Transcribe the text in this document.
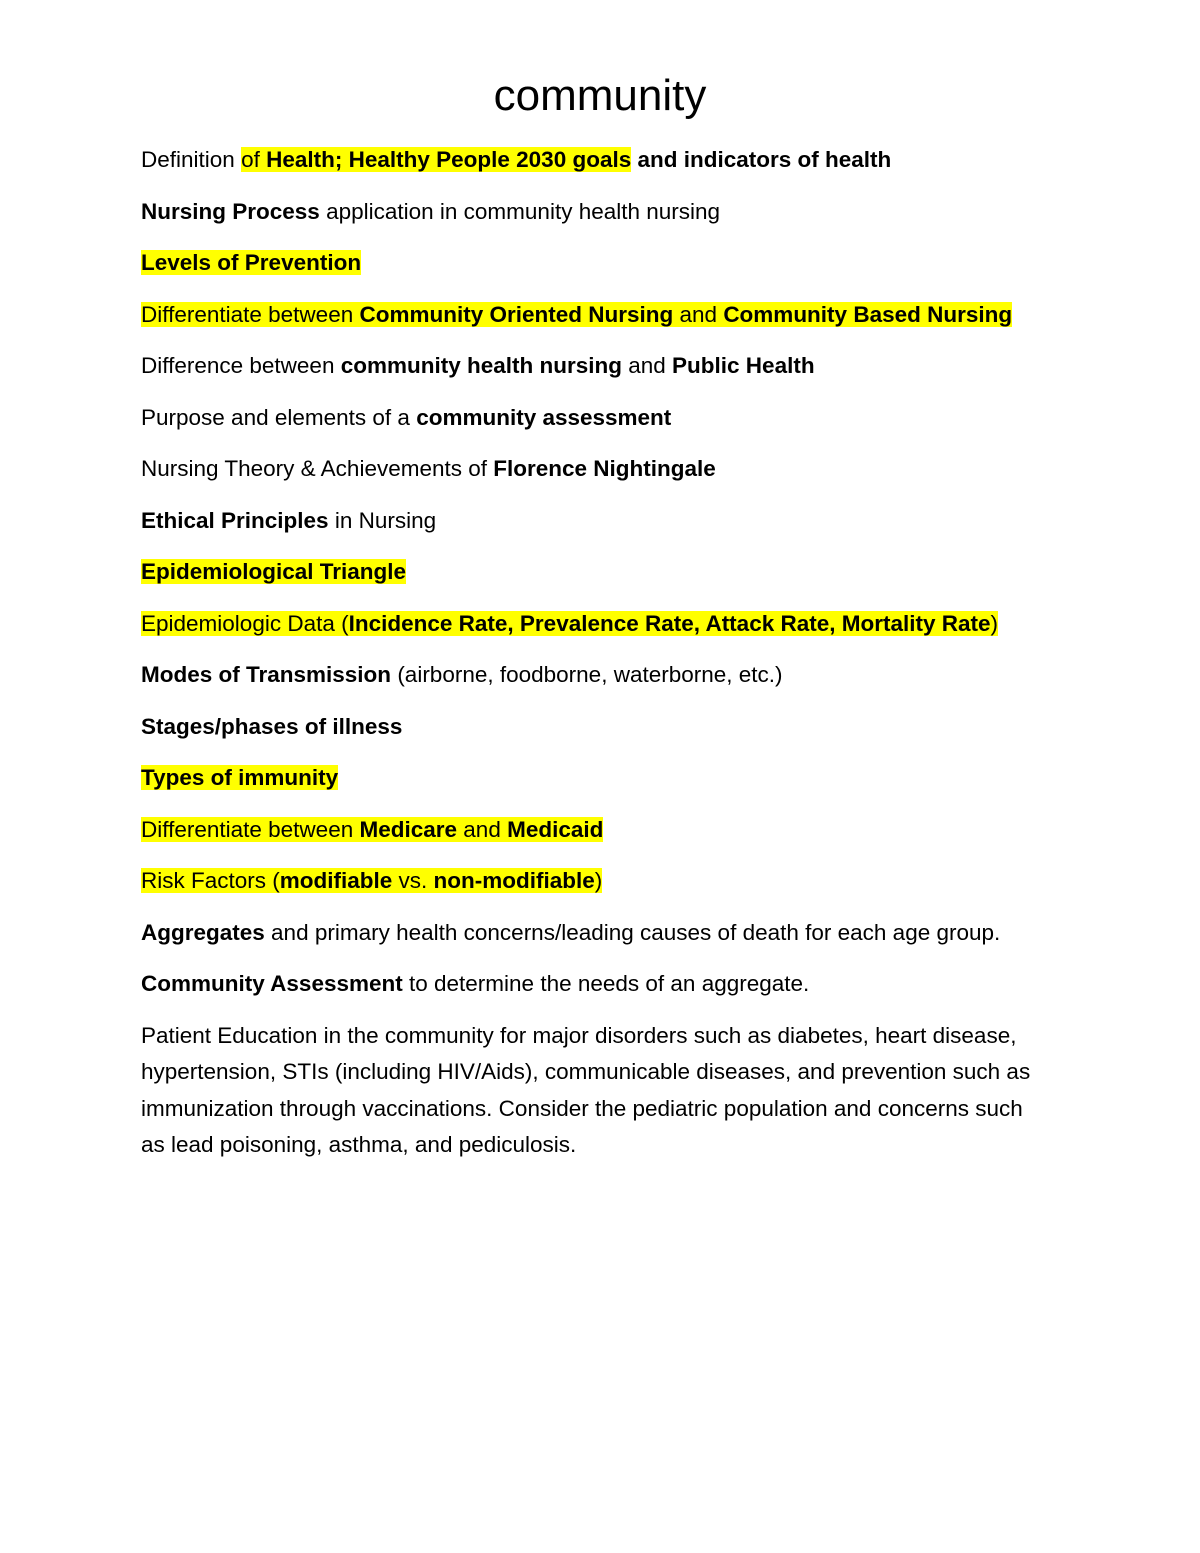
community

Definition of Health; Healthy People 2030 goals and indicators of health

Nursing Process application in community health nursing

Levels of Prevention

Differentiate between Community Oriented Nursing and Community Based Nursing

Difference between community health nursing and Public Health

Purpose and elements of a community assessment

Nursing Theory & Achievements of Florence Nightingale

Ethical Principles in Nursing

Epidemiological Triangle

Epidemiologic Data (Incidence Rate, Prevalence Rate, Attack Rate, Mortality Rate)

Modes of Transmission (airborne, foodborne, waterborne, etc.)

Stages/phases of illness

Types of immunity

Differentiate between Medicare and Medicaid

Risk Factors (modifiable vs. non-modifiable)

Aggregates and primary health concerns/leading causes of death for each age group.

Community Assessment to determine the needs of an aggregate.

Patient Education in the community for major disorders such as diabetes, heart disease, hypertension, STIs (including HIV/Aids), communicable diseases, and prevention such as immunization through vaccinations. Consider the pediatric population and concerns such as lead poisoning, asthma, and pediculosis.
